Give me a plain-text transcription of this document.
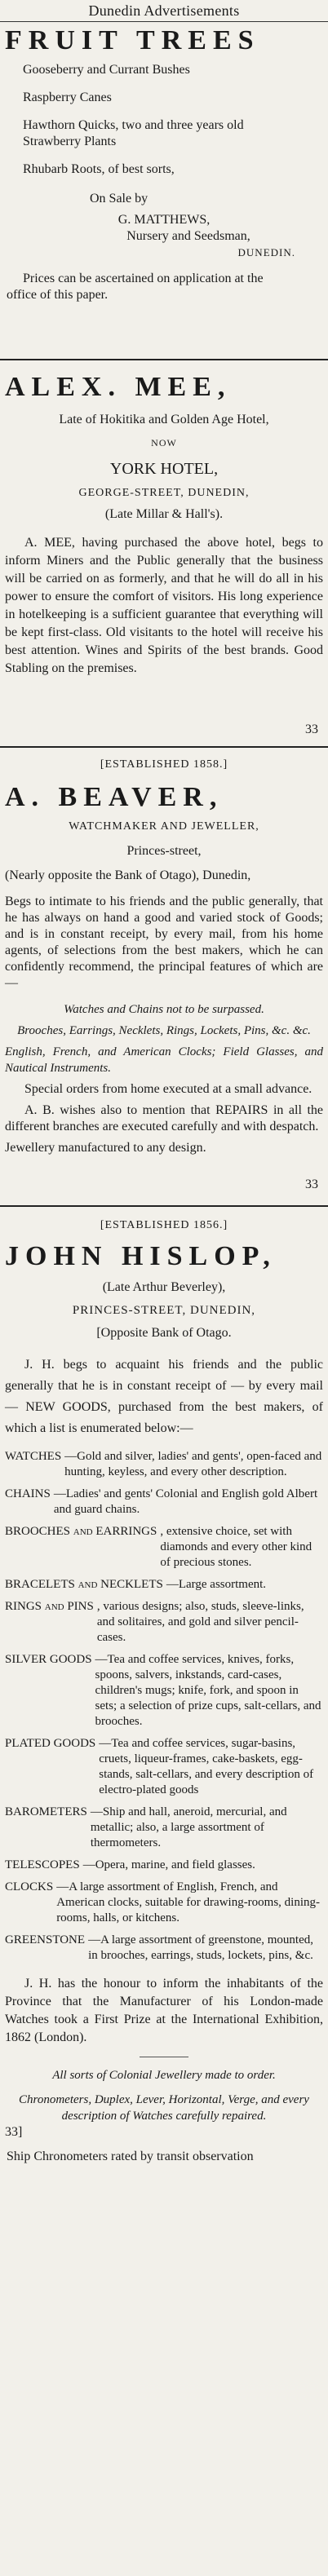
Dunedin Advertisements
FRUIT TREES

Gooseberry and Currant Bushes

Raspberry Canes

Hawthorn Quicks, two and three years old

Strawberry Plants

Rhubarb Roots, of best sorts,

On Sale by

G. MATTHEWS,

Nursery and Seedsman,

DUNEDIN.

Prices can be ascertained on application at the

office of this paper.

ALEX. MEE,

Late of Hokitika and Golden Age Hotel,

NOW

YORK HOTEL,

GEORGE-STREET, DUNEDIN,

(Late Millar & Hall's).

A. MEE, having purchased the above hotel, begs to inform Miners and the Public generally that the business will be carried on as formerly, and that he will do all in his power to ensure the comfort of visitors. His long experience in hotelkeeping is a sufficient guarantee that everything will be kept first-class. Old visitants to the hotel will receive his best attention. Wines and Spirits of the best brands. Good Stabling on the premises.

33
[ESTABLISHED 1858.]
A. BEAVER,

WATCHMAKER AND JEWELLER,

Princes-street,

(Nearly opposite the Bank of Otago), Dunedin,

Begs to intimate to his friends and the public generally, that he has always on hand a good and varied stock of Goods; and is in constant receipt, by every mail, from his home agents, of selections from the best makers, which he can confidently recommend, the principal features of which are—

Watches and Chains not to be surpassed.

Brooches, Earrings, Necklets, Rings, Lockets, Pins, &c. &c.

English, French, and American Clocks; Field Glasses, and Nautical Instruments.

Special orders from home executed at a small advance.

A. B. wishes also to mention that REPAIRS in all the different branches are executed carefully and with despatch.

Jewellery manufactured to any design.

33
[ESTABLISHED 1856.]
JOHN HISLOP,

(Late Arthur Beverley),

PRINCES-STREET, DUNEDIN,

[Opposite Bank of Otago.

J. H. begs to acquaint his friends and the public generally that he is in constant receipt of — by every mail — NEW GOODS, purchased from the best makers, of which a list is enumerated below:—

WATCHES —Gold and silver, ladies' and gents', open-faced and hunting, keyless, and every other description.
CHAINS —Ladies' and gents' Colonial and English gold Albert and guard chains.
BROOCHES and EARRINGS , extensive choice, set with diamonds and every other kind of precious stones.
BRACELETS and NECKLETS —Large assortment.
RINGS and PINS , various designs; also, studs, sleeve-links, and solitaires, and gold and silver pencil-cases.
SILVER GOODS —Tea and coffee services, knives, forks, spoons, salvers, inkstands, card-cases, children's mugs; knife, fork, and spoon in sets; a selection of prize cups, salt-cellars, and brooches.
PLATED GOODS —Tea and coffee services, sugar-basins, cruets, liqueur-frames, cake-baskets, egg-stands, salt-cellars, and every description of electro-plated goods
BAROMETERS —Ship and hall, aneroid, mercurial, and metallic; also, a large assortment of thermometers.
TELESCOPES —Opera, marine, and field glasses.
CLOCKS —A large assortment of English, French, and American clocks, suitable for drawing-rooms, dining-rooms, halls, or kitchens.
GREENSTONE —A large assortment of greenstone, mounted, in brooches, earrings, studs, lockets, pins, &c.

J. H. has the honour to inform the inhabitants of the Province that the Manufacturer of his London-made Watches took a First Prize at the International Exhibition, 1862 (London).

All sorts of Colonial Jewellery made to order.

Chronometers, Duplex, Lever, Horizontal, Verge, and every description of Watches carefully repaired.

33]

Ship Chronometers rated by transit observation
